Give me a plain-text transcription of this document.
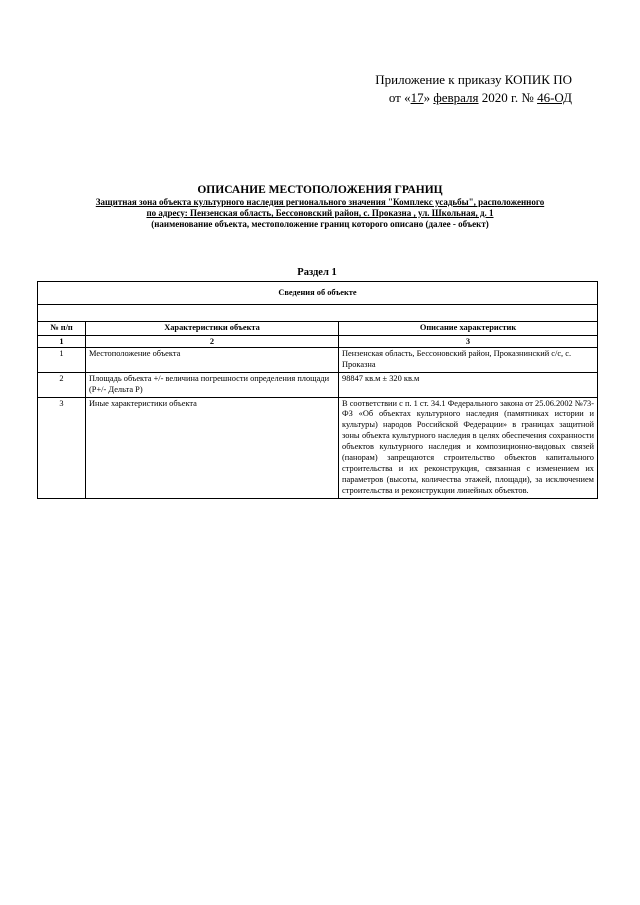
Приложение к приказу КОПИК ПО
от «17» февраля 2020 г. № 46-ОД
ОПИСАНИЕ МЕСТОПОЛОЖЕНИЯ ГРАНИЦ
Защитная зона объекта культурного наследия регионального значения "Комплекс усадьбы", расположенного
по адресу: Пензенская область, Бессоновский район, с. Проказна , ул. Школьная, д. 1
(наименование объекта, местоположение границ которого описано (далее - объект)
Раздел 1
Сведения об объекте		

№ п/п	Характеристики объекта	Описание характеристик
1	2	3
1	Местоположение объекта	Пензенская область, Бессоновский район, Проказнинский с/с, с. Проказна
2	Площадь объекта +/- величина погрешности определения площади (P+/- Дельта P)	98847 кв.м ± 320 кв.м
3	Иные характеристики объекта	В соответствии с п. 1 ст. 34.1 Федерального закона от 25.06.2002 №73-ФЗ «Об объектах культурного наследия (памятниках истории и культуры) народов Российской Федерации» в границах защитной зоны объекта культурного наследия в целях обеспечения сохранности объектов культурного наследия и композиционно-видовых связей (панорам) запрещаются строительство объектов капитального строительства и их реконструкция, связанная с изменением их параметров (высоты, количества этажей, площади), за исключением строительства и реконструкции линейных объектов.
